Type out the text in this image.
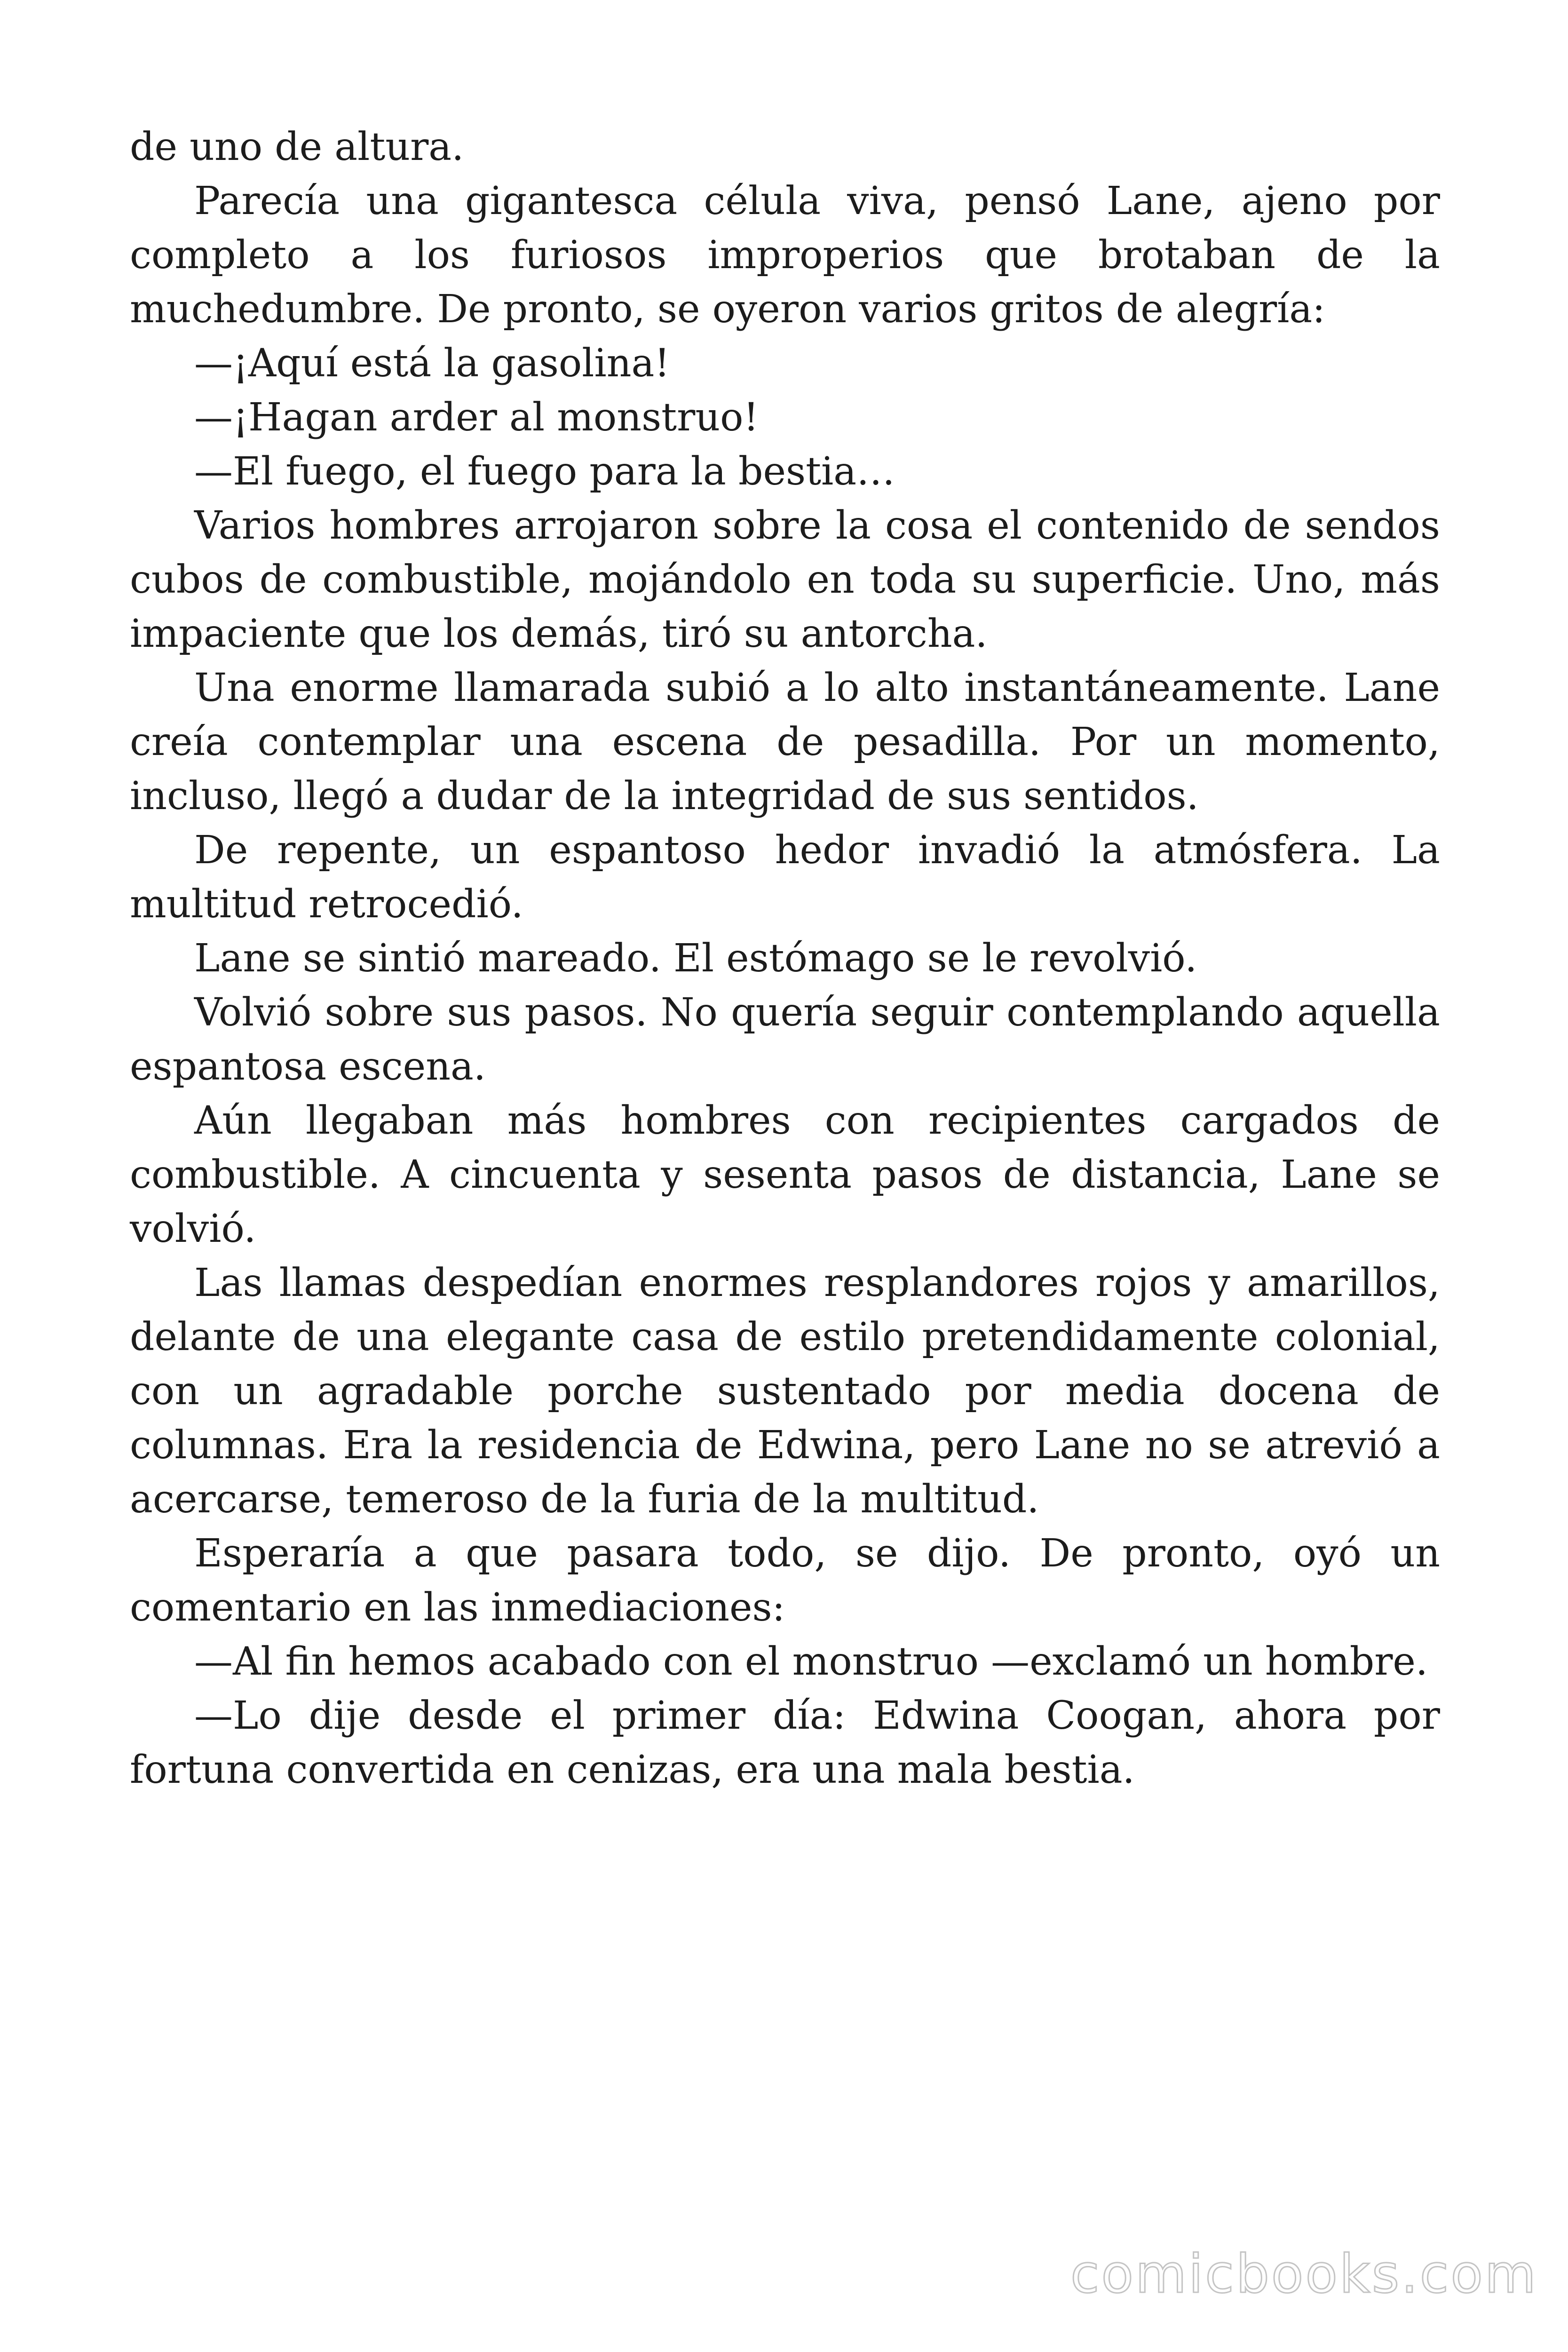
de uno de altura.

Parecía una gigantesca célula viva, pensó Lane, ajeno por completo a los furiosos improperios que brotaban de la muchedumbre. De pronto, se oyeron varios gritos de alegría:

—¡Aquí está la gasolina!

—¡Hagan arder al monstruo!

—El fuego, el fuego para la bestia…

Varios hombres arrojaron sobre la cosa el contenido de sendos cubos de combustible, mojándolo en toda su superficie. Uno, más impaciente que los demás, tiró su antorcha.

Una enorme llamarada subió a lo alto instantáneamente. Lane creía contemplar una escena de pesadilla. Por un momento, incluso, llegó a dudar de la integridad de sus sentidos.

De repente, un espantoso hedor invadió la atmósfera. La multitud retrocedió.

Lane se sintió mareado. El estómago se le revolvió.

Volvió sobre sus pasos. No quería seguir contemplando aquella espantosa escena.

Aún llegaban más hombres con recipientes cargados de combustible. A cincuenta y sesenta pasos de distancia, Lane se volvió.

Las llamas despedían enormes resplandores rojos y amarillos, delante de una elegante casa de estilo pretendidamente colonial, con un agradable porche sustentado por media docena de columnas. Era la residencia de Edwina, pero Lane no se atrevió a acercarse, temeroso de la furia de la multitud.

Esperaría a que pasara todo, se dijo. De pronto, oyó un comentario en las inmediaciones:

—Al fin hemos acabado con el monstruo —exclamó un hombre.

—Lo dije desde el primer día: Edwina Coogan, ahora por fortuna convertida en cenizas, era una mala bestia.

comicbooks.com
